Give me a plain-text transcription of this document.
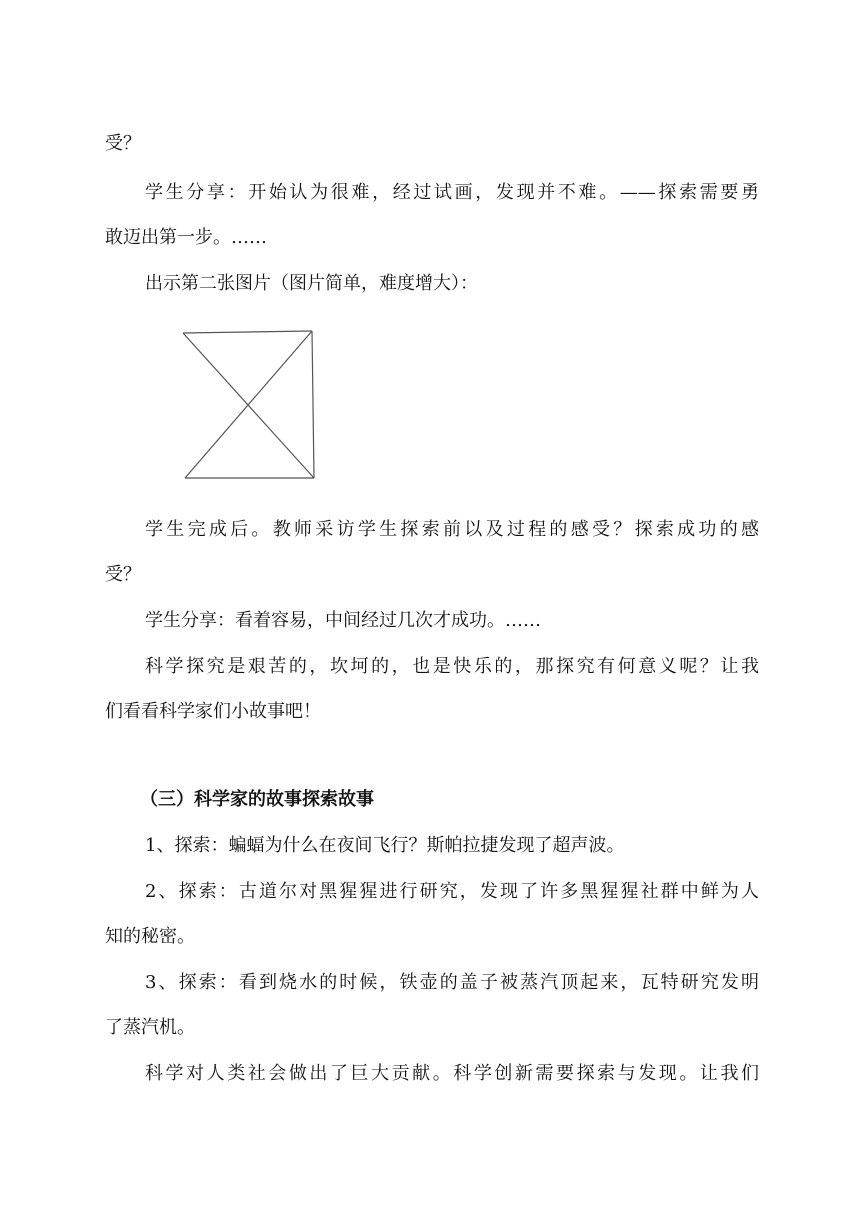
受？
学生分享：开始认为很难，经过试画，发现并不难。——探索需要勇
敢迈出第一步。……
出示第二张图片（图片简单，难度增大）：
学生完成后。教师采访学生探索前以及过程的感受？探索成功的感
受？
学生分享：看着容易，中间经过几次才成功。……
科学探究是艰苦的，坎坷的，也是快乐的，那探究有何意义呢？让我
们看看科学家们小故事吧！
（三）科学家的故事探索故事
1、探索：蝙蝠为什么在夜间飞行？斯帕拉捷发现了超声波。
2、探索：古道尔对黑猩猩进行研究，发现了许多黑猩猩社群中鲜为人
知的秘密。
3、探索：看到烧水的时候，铁壶的盖子被蒸汽顶起来，瓦特研究发明
了蒸汽机。
科学对人类社会做出了巨大贡献。科学创新需要探索与发现。让我们
